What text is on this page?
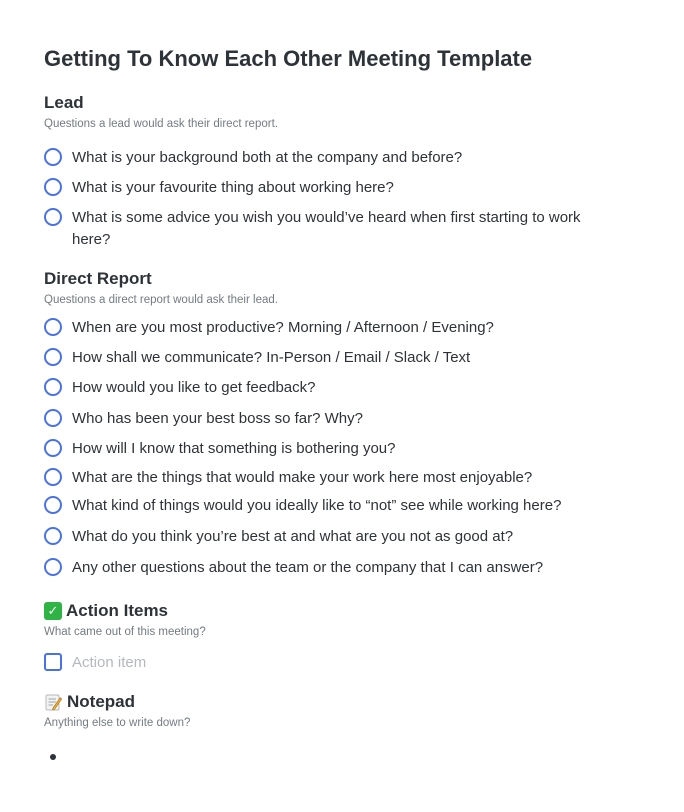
Getting To Know Each Other Meeting Template
Lead
Questions a lead would ask their direct report.
What is your background both at the company and before?
What is your favourite thing about working here?
What is some advice you wish you would’ve heard when first starting to work here?
Direct Report
Questions a direct report would ask their lead.
When are you most productive? Morning / Afternoon / Evening?
How shall we communicate? In-Person / Email / Slack / Text
How would you like to get feedback?
Who has been your best boss so far? Why?
How will I know that something is bothering you?
What are the things that would make your work here most enjoyable?
What kind of things would you ideally like to “not” see while working here?
What do you think you’re best at and what are you not as good at?
Any other questions about the team or the company that I can answer?
✓ Action Items
What came out of this meeting?
Action item
Notepad
Anything else to write down?
